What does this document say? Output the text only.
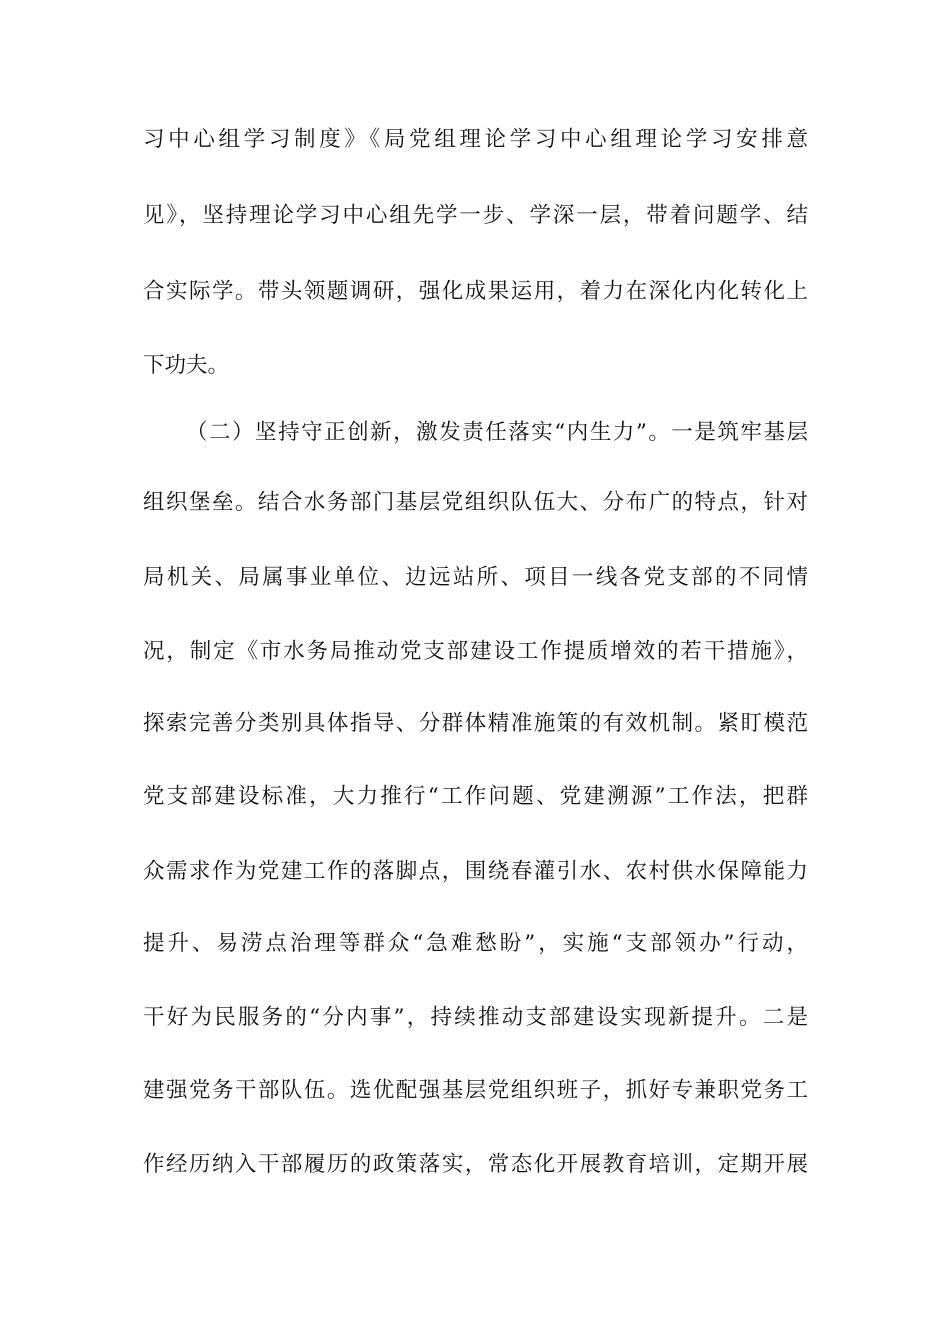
习中心组学习制度》《局党组理论学习中心组理论学习安排意
见》，坚持理论学习中心组先学一步、学深一层，带着问题学、结
合实际学。带头领题调研，强化成果运用，着力在深化内化转化上
下功夫。
（二）坚持守正创新，激发责任落实“内生力”。一是筑牢基层
组织堡垒。结合水务部门基层党组织队伍大、分布广的特点，针对
局机关、局属事业单位、边远站所、项目一线各党支部的不同情
况，制定《市水务局推动党支部建设工作提质增效的若干措施》，
探索完善分类别具体指导、分群体精准施策的有效机制。紧盯模范
党支部建设标准，大力推行“工作问题、党建溯源”工作法，把群
众需求作为党建工作的落脚点，围绕春灌引水、农村供水保障能力
提升、易涝点治理等群众“急难愁盼”，实施“支部领办”行动，
干好为民服务的“分内事”，持续推动支部建设实现新提升。二是
建强党务干部队伍。选优配强基层党组织班子，抓好专兼职党务工
作经历纳入干部履历的政策落实，常态化开展教育培训，定期开展
